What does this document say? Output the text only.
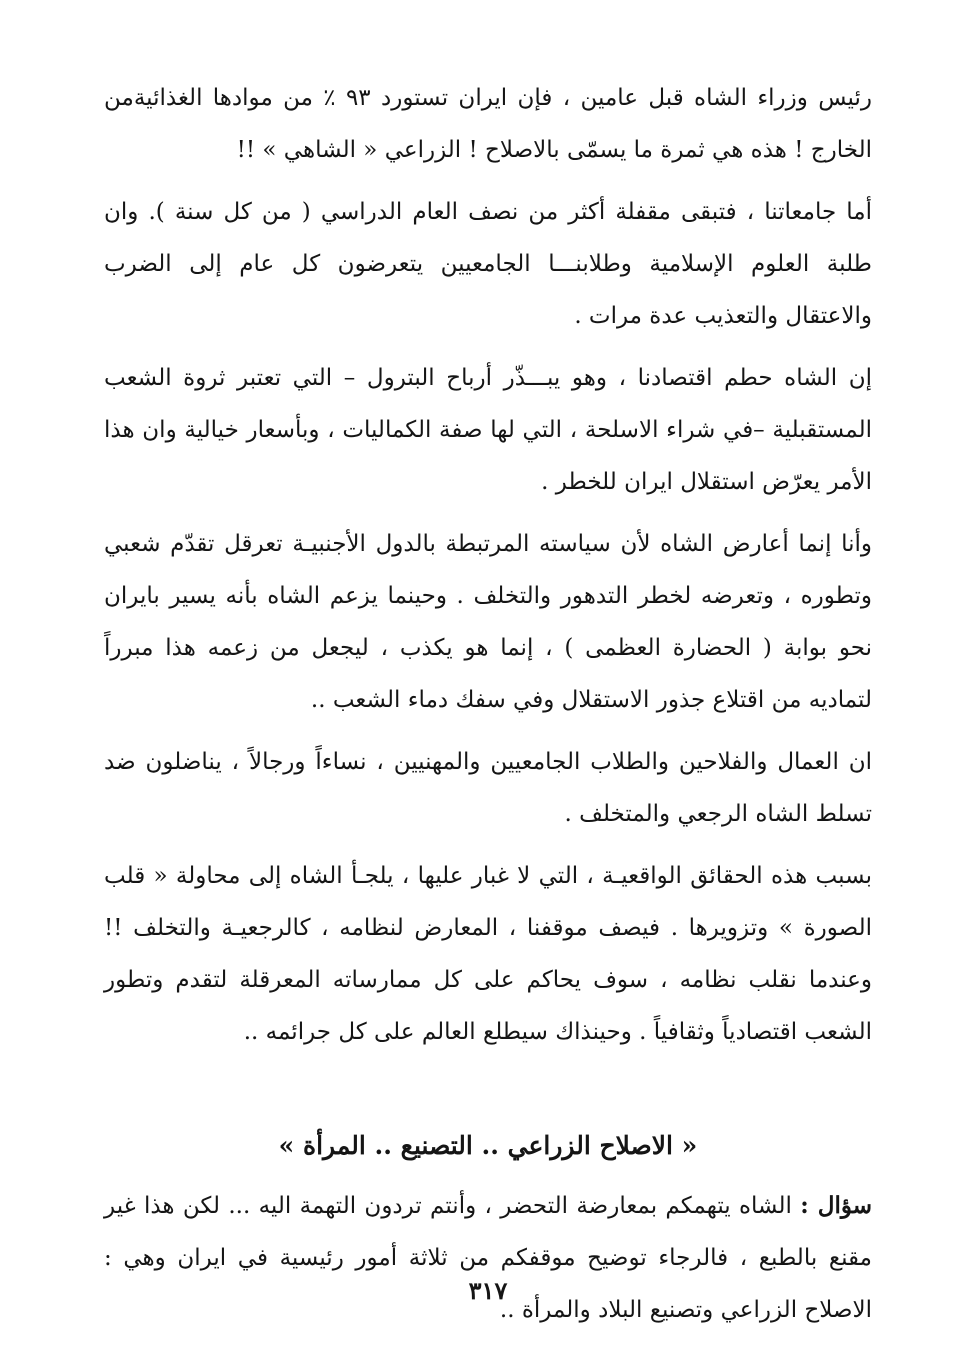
رئيس وزراء الشاه قبل عامين ، فإن ايران تستورد ٩٣ ٪ من موادها الغذائيةمن الخارج ! هذه هي ثمرة ما يسمّى بالاصلاح ! الزراعي « الشاهي » !!

أما جامعاتنا ، فتبقى مقفلة أكثر من نصف العام الدراسي ( من كل سنة ). وان طلبة العلوم الإسلامية وطلابنـــا الجامعيين يتعرضون كل عام إلى الضرب والاعتقال والتعذيب عدة مرات .

إن الشاه حطم اقتصادنا ، وهو يبـــذّر أرباح البترول – التي تعتبر ثروة الشعب المستقبلية –في شراء الاسلحة ، التي لها صفة الكماليات ، وبأسعار خيالية وان هذا الأمر يعرّض استقلال ايران للخطر .

وأنا إنما أعارض الشاه لأن سياسته المرتبطة بالدول الأجنبيـة تعرقل تقدّم شعبي وتطوره ، وتعرضه لخطر التدهور والتخلف . وحينما يزعم الشاه بأنه يسير بايران نحو بوابة ( الحضارة العظمى ) ، إنما هو يكذب ، ليجعل من زعمه هذا مبرراً لتماديه من اقتلاع جذور الاستقلال وفي سفك دماء الشعب ..

ان العمال والفلاحين والطلاب الجامعيين والمهنيين ، نساءاً ورجالاً ، يناضلون ضد تسلط الشاه الرجعي والمتخلف .

بسبب هذه الحقائق الواقعيـة ، التي لا غبار عليها ، يلجـأ الشاه إلى محاولة « قلب الصورة » وتزويرها . فيصف موقفنا ، المعارض لنظامه ، كالرجعيـة والتخلف !! وعندما نقلب نظامه ، سوف يحاكم على كل ممارساته المعرقلة لتقدم وتطور الشعب اقتصادياً وثقافياً . وحينذاك سيطلع العالم على كل جرائمه ..

« الاصلاح الزراعي .. التصنيع .. المرأة »

سؤال : الشاه يتهمكم بمعارضة التحضر ، وأنتم تردون التهمة اليه ... لكن هذا غير مقنع بالطبع ، فالرجاء توضيح موقفكم من ثلاثة أمور رئيسية في ايران وهي : الاصلاح الزراعي وتصنيع البلاد والمرأة ..

٣١٧
